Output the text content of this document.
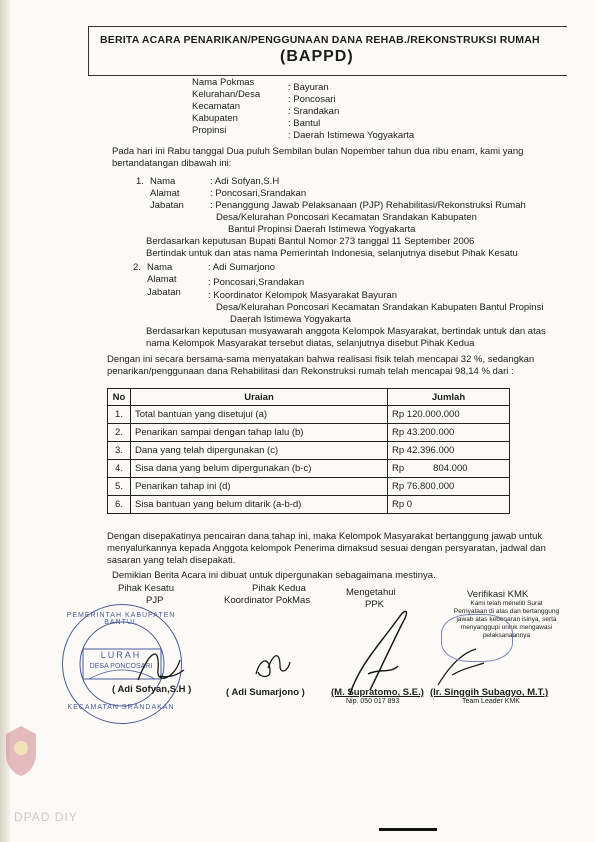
BERITA ACARA PENARIKAN/PENGGUNAAN DANA REHAB./REKONSTRUKSI RUMAH
(BAPPD)
Nama Pokmas	: Bayuran
Kelurahan/Desa	: Poncosari
Kecamatan	: Srandakan
Kabupaten	: Bantul
Propinsi	: Daerah Istimewa Yogyakarta
Pada hari ini Rabu tanggal Dua puluh Sembilan bulan Nopember tahun dua ribu enam, kami yang
bertandatangan dibawah ini:
1. Nama	: Adi Sofyan,S.H
Alamat	: Poncosari,Srandakan
Jabatan	: Penanggung Jawab Pelaksanaan (PJP) Rehabilitasi/Rekonstruksi Rumah
Desa/Kelurahan Poncosari Kecamatan Srandakan Kabupaten
Bantul Propinsi Daerah Istimewa Yogyakarta
Berdasarkan keputusan Bupati Bantul Nomor 273 tanggal 11 September 2006
Bertindak untuk dan atas nama Pemerintah Indonesia, selanjutnya disebut Pihak Kesatu
2. Nama	: Adi Sumarjono
Alamat	: Poncosari,Srandakan
Jabatan	: Koordinator Kelompok Masyarakat Bayuran
Desa/Kelurahan Poncosari Kecamatan Srandakan Kabupaten Bantul Propinsi
Daerah Istimewa Yogyakarta
Berdasarkan keputusan musyawarah anggota Kelompok Masyarakat, bertindak untuk dan atas
nama Kelompok Masyarakat tersebut diatas, selanjutnya disebut Pihak Kedua
Dengan ini secara bersama-sama menyatakan bahwa realisasi fisik telah mencapai 32 %, sedangkan
penarikan/penggunaan dana Rehabilitasi dan Rekonstruksi rumah telah mencapai 98,14 % dari :
No	Uraian	Jumlah
1.	Total bantuan yang disetujui (a)	Rp 120.000.000
2.	Penarikan sampai dengan tahap lalu (b)	Rp 43.200.000
3.	Dana yang telah dipergunakan (c)	Rp 42.396.000
4.	Sisa dana yang belum dipergunakan (b-c)	Rp           804.000
5.	Penarikan tahap ini (d)	Rp 76.800.000
6.	Sisa bantuan yang belum ditarik (a-b-d)	Rp 0
Dengan disepakatinya pencairan dana tahap ini, maka Kelompok Masyarakat bertanggung jawab untuk
menyalurkannya kepada Anggota kelompok Penerima dimaksud sesuai dengan persyaratan, jadwal dan
sasaran yang telah disepakati.
Demikian Berita Acara ini dibuat untuk dipergunakan sebagaimana mestinya.
Pihak Kesatu
PJP
Pihak Kedua
Koordinator PokMas
Mengetahui
PPK
Verifikasi KMK
Kami telah meneliti Surat
Pernyataan di atas dan bertanggung
jawab atas kebenaran isinya, serta
menyanggupi untuk mengawasi
pelaksanaannya
PEMERINTAH KABUPATEN BANTUL
LURAH
DESA PONCOSARI
KECAMATAN SRANDAKAN
( Adi Sofyan,S.H )	( Adi Sumarjono )	(M. Supratomo, S.E.)
Nip. 050 017 893
(Ir. Singgih Subagyo, M.T.)
Team Leader KMK
DPAD DIY
